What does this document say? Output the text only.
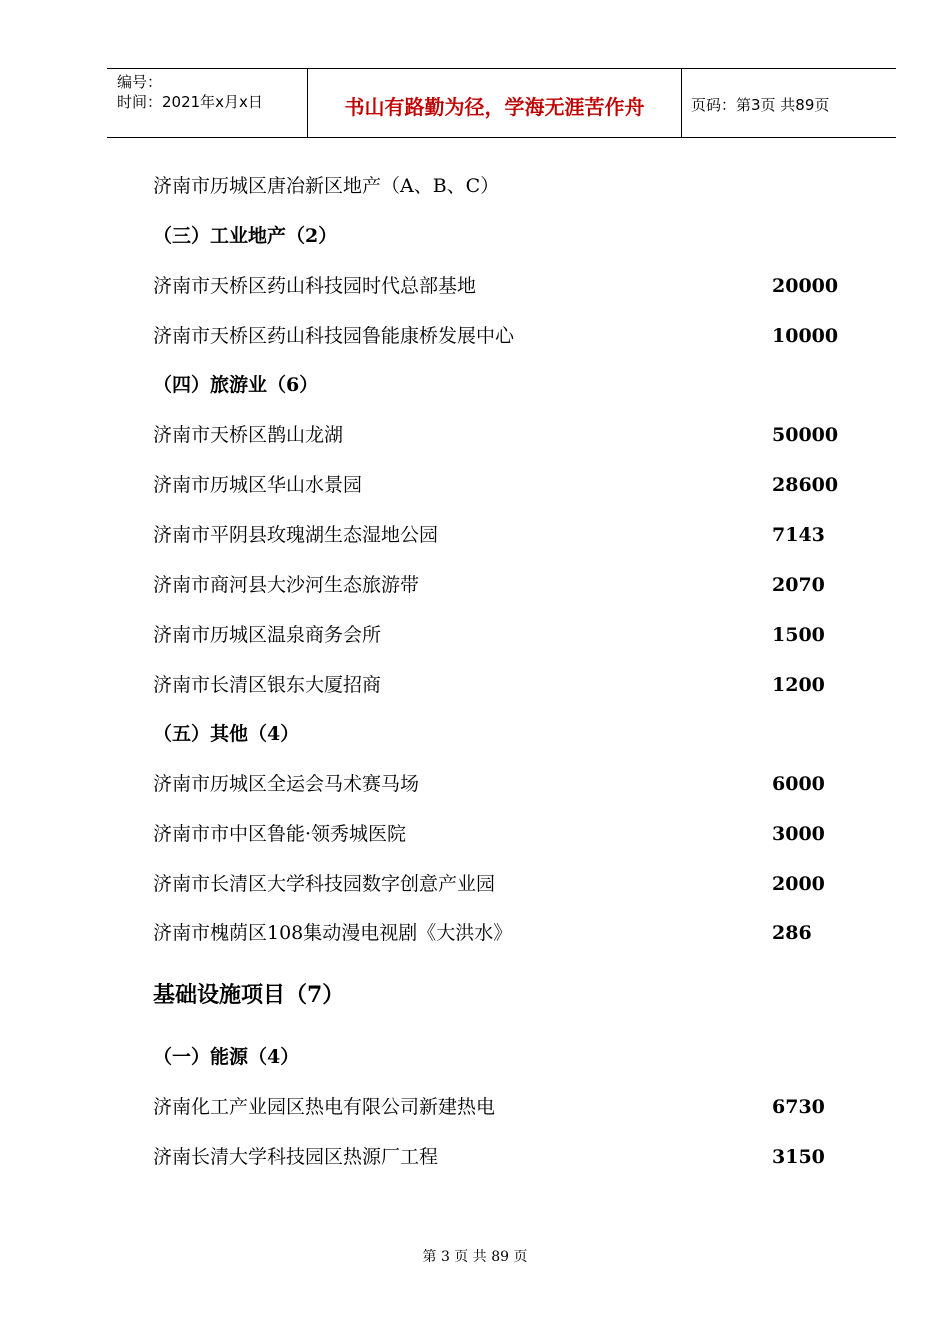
编号：
时间：2021年x月x日	书山有路勤为径，学海无涯苦作舟	页码：第3页 共89页
济南市历城区唐冶新区地产（A、B、C）
（三）工业地产（2）
济南市天桥区药山科技园时代总部基地	20000
济南市天桥区药山科技园鲁能康桥发展中心	10000
（四）旅游业（6）
济南市天桥区鹊山龙湖	50000
济南市历城区华山水景园	28600
济南市平阴县玫瑰湖生态湿地公园	7143
济南市商河县大沙河生态旅游带	2070
济南市历城区温泉商务会所	1500
济南市长清区银东大厦招商	1200
（五）其他（4）
济南市历城区全运会马术赛马场	6000
济南市市中区鲁能·领秀城医院	3000
济南市长清区大学科技园数字创意产业园	2000
济南市槐荫区108集动漫电视剧《大洪水》	286
基础设施项目（7）
（一）能源（4）
济南化工产业园区热电有限公司新建热电	6730
济南长清大学科技园区热源厂工程	3150
第 3 页 共 89 页
